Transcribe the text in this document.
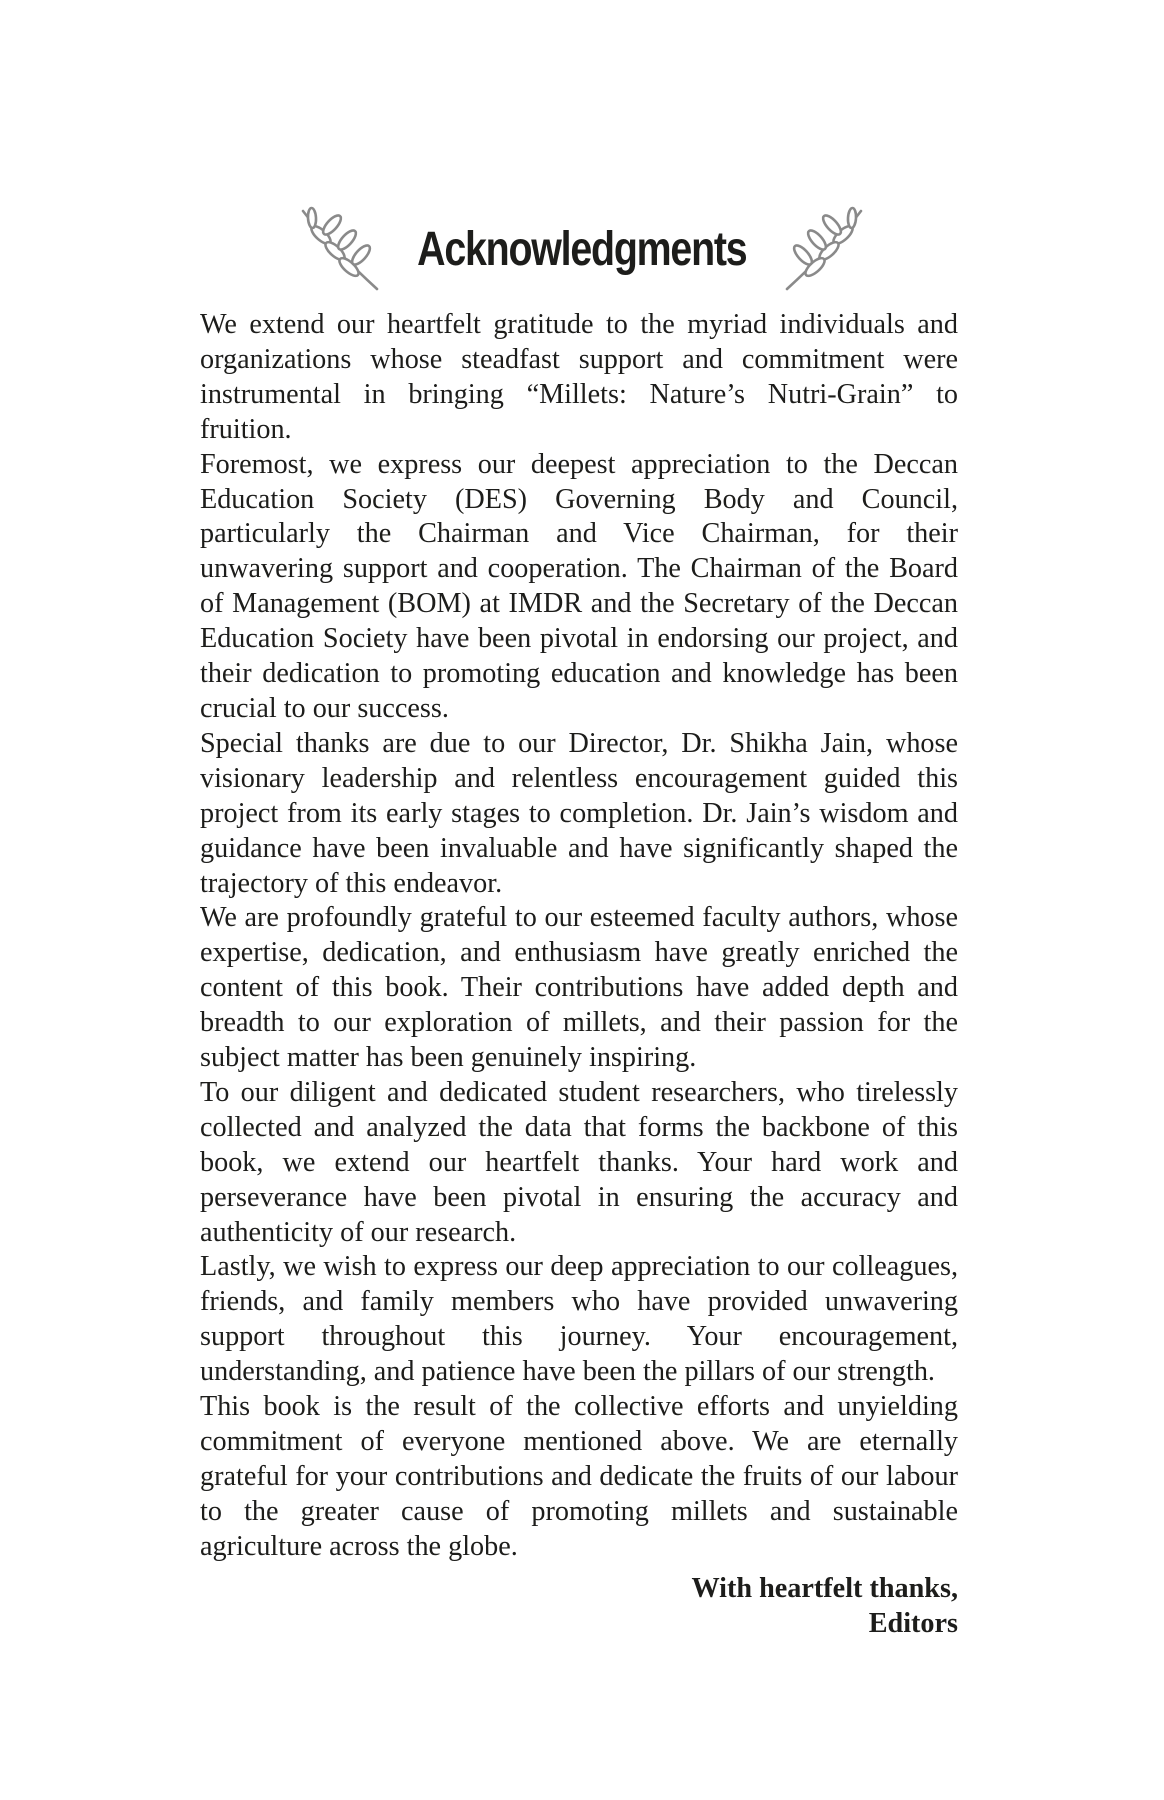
Acknowledgments

We extend our heartfelt gratitude to the myriad individuals and organizations whose steadfast support and commitment were instrumental in bringing “Millets: Nature’s Nutri-Grain” to fruition.

Foremost, we express our deepest appreciation to the Deccan Education Society (DES) Governing Body and Council, particularly the Chairman and Vice Chairman, for their unwavering support and cooperation. The Chairman of the Board of Management (BOM) at IMDR and the Secretary of the Deccan Education Society have been pivotal in endorsing our project, and their dedication to promoting education and knowledge has been crucial to our success.

Special thanks are due to our Director, Dr. Shikha Jain, whose visionary leadership and relentless encouragement guided this project from its early stages to completion. Dr. Jain’s wisdom and guidance have been invaluable and have significantly shaped the trajectory of this endeavor.

We are profoundly grateful to our esteemed faculty authors, whose expertise, dedication, and enthusiasm have greatly enriched the content of this book. Their contributions have added depth and breadth to our exploration of millets, and their passion for the subject matter has been genuinely inspiring.

To our diligent and dedicated student researchers, who tirelessly collected and analyzed the data that forms the backbone of this book, we extend our heartfelt thanks. Your hard work and perseverance have been pivotal in ensuring the accuracy and authenticity of our research.

Lastly, we wish to express our deep appreciation to our colleagues, friends, and family members who have provided unwavering support throughout this journey. Your encouragement, understanding, and patience have been the pillars of our strength.

This book is the result of the collective efforts and unyielding commitment of everyone mentioned above. We are eternally grateful for your contributions and dedicate the fruits of our labour to the greater cause of promoting millets and sustainable agriculture across the globe.

With heartfelt thanks,
Editors
